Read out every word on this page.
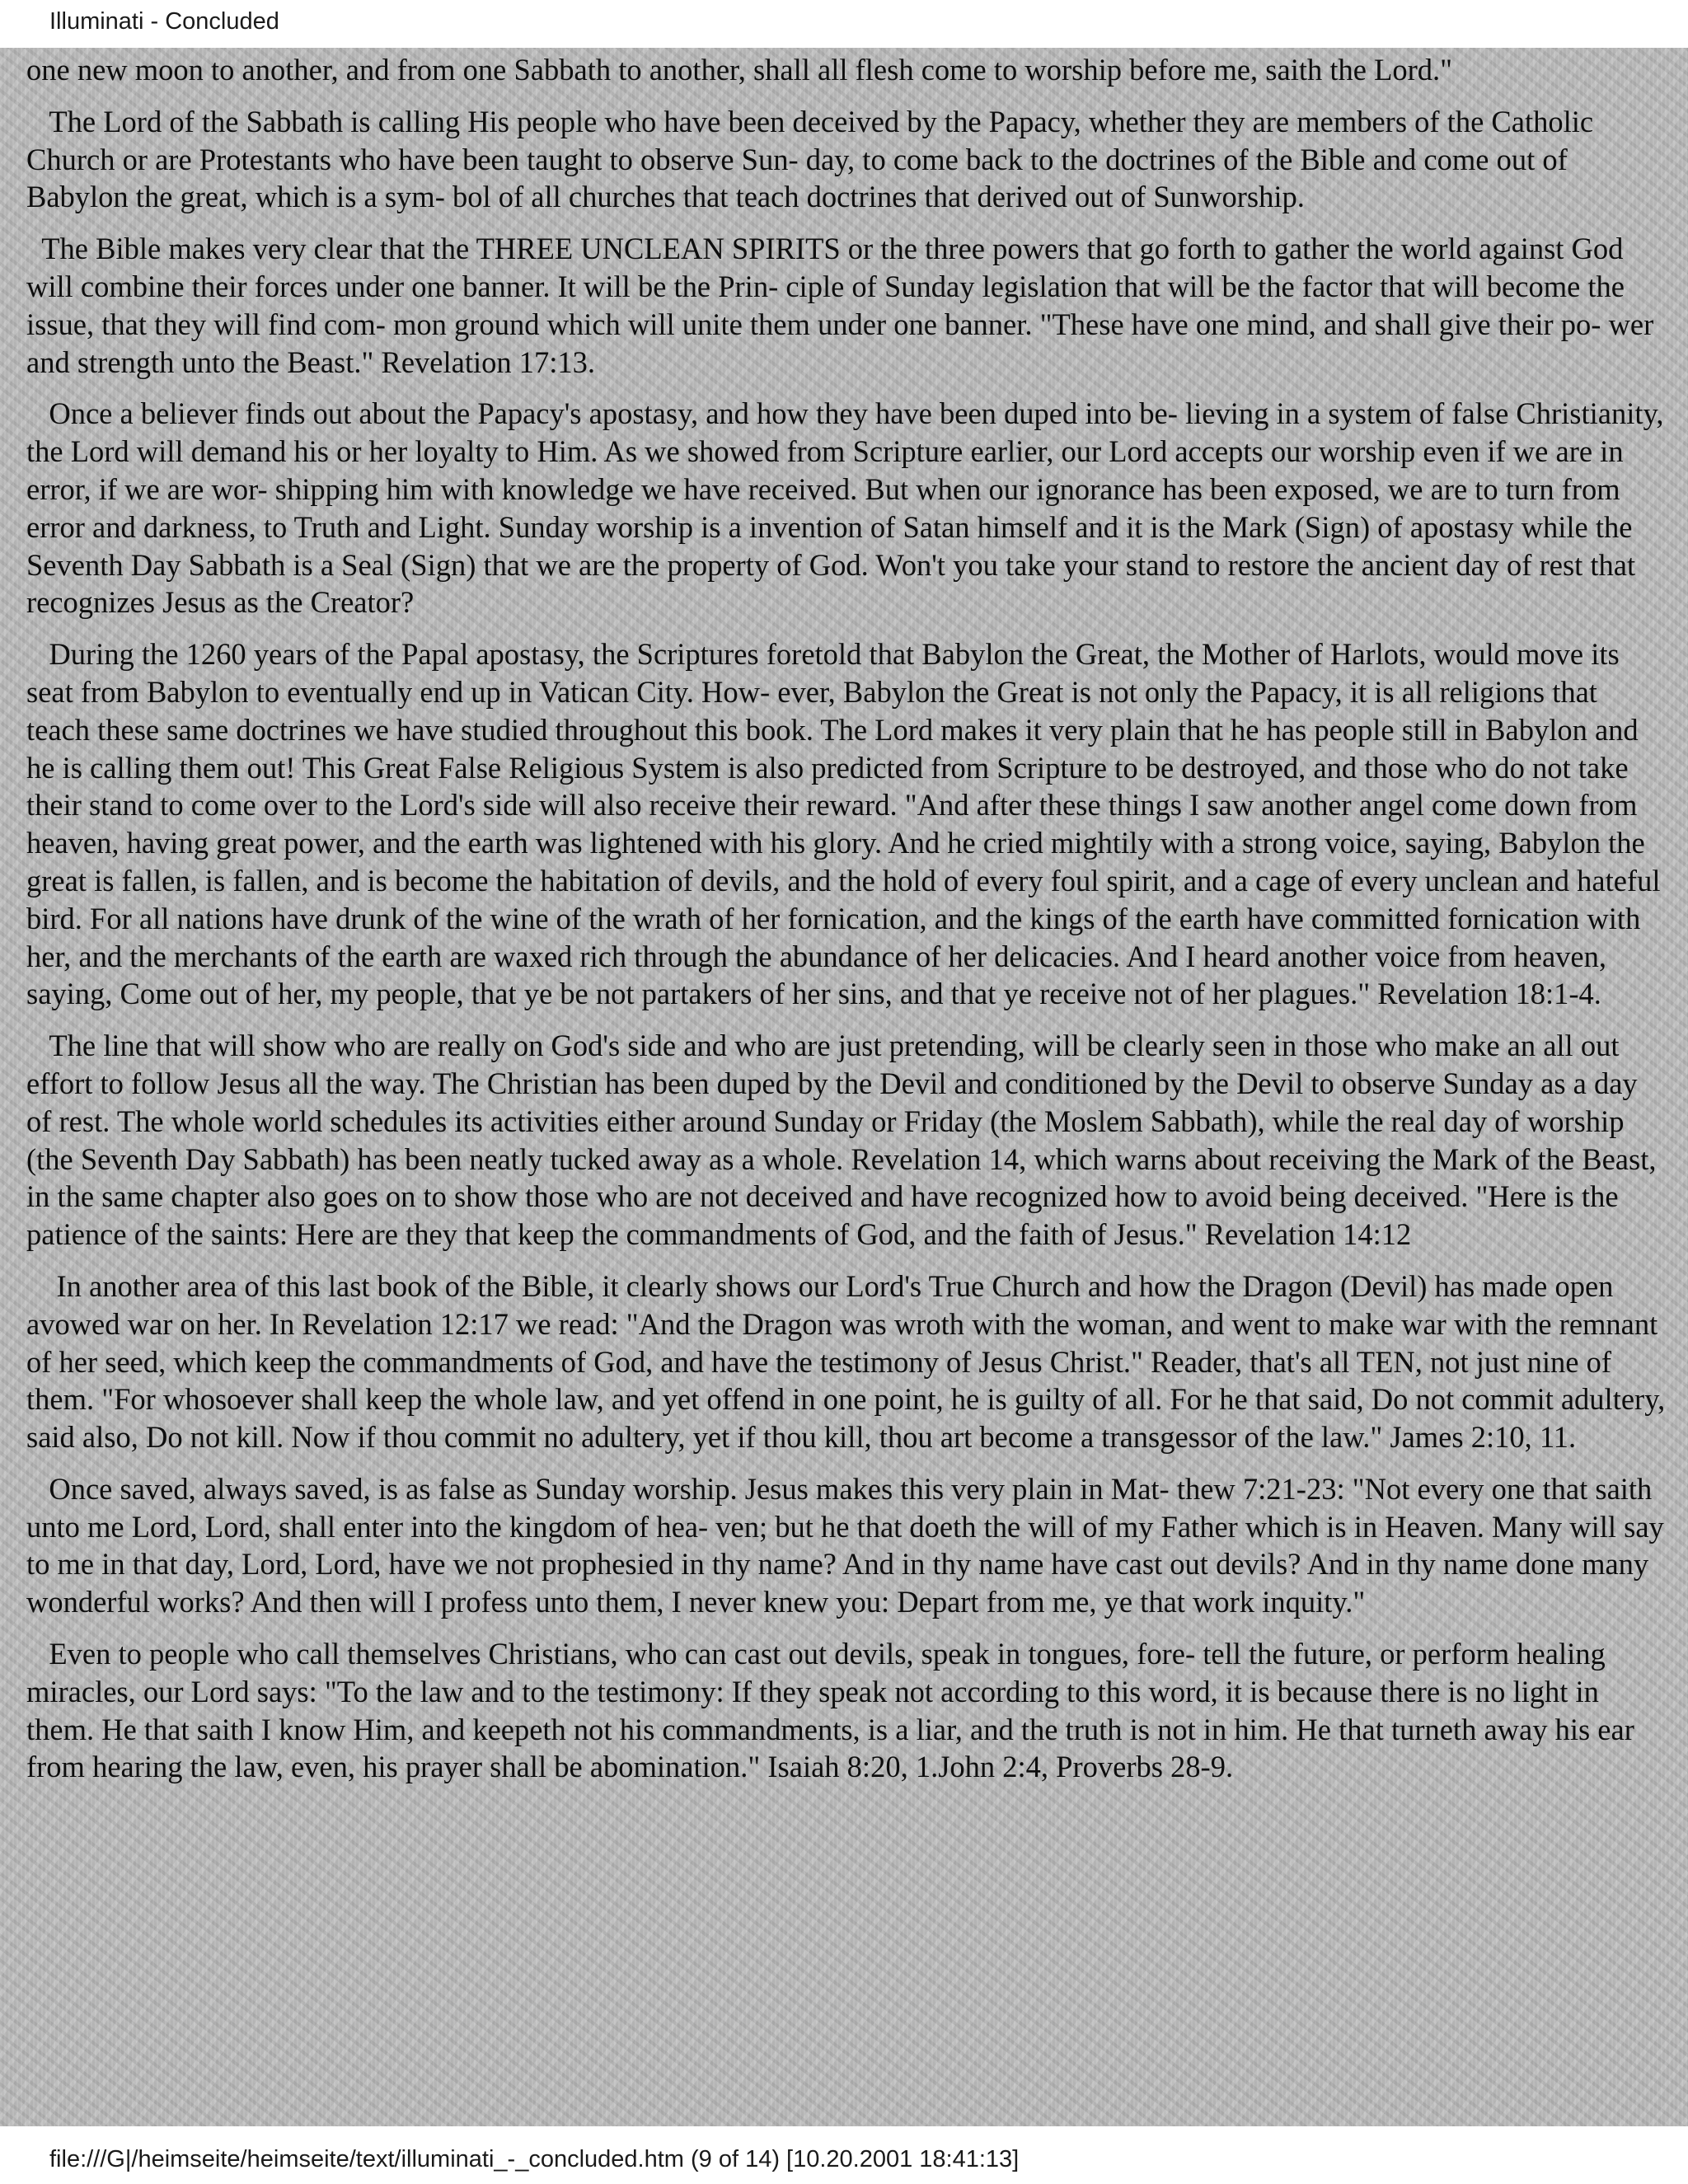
Illuminati - Concluded

one new moon to another, and from one Sabbath to another, shall all flesh come to worship before me, saith the Lord."

The Lord of the Sabbath is calling His people who have been deceived by the Papacy, whether they are members of the Catholic Church or are Protestants who have been taught to observe Sun- day, to come back to the doctrines of the Bible and come out of Babylon the great, which is a sym- bol of all churches that teach doctrines that derived out of Sunworship.

The Bible makes very clear that the THREE UNCLEAN SPIRITS or the three powers that go forth to gather the world against God will combine their forces under one banner. It will be the Prin- ciple of Sunday legislation that will be the factor that will become the issue, that they will find com- mon ground which will unite them under one banner. "These have one mind, and shall give their po- wer and strength unto the Beast." Revelation 17:13.

Once a believer finds out about the Papacy's apostasy, and how they have been duped into be- lieving in a system of false Christianity, the Lord will demand his or her loyalty to Him. As we showed from Scripture earlier, our Lord accepts our worship even if we are in error, if we are wor- shipping him with knowledge we have received. But when our ignorance has been exposed, we are to turn from error and darkness, to Truth and Light. Sunday worship is a invention of Satan himself and it is the Mark (Sign) of apostasy while the Seventh Day Sabbath is a Seal (Sign) that we are the property of God. Won't you take your stand to restore the ancient day of rest that recognizes Jesus as the Creator?

During the 1260 years of the Papal apostasy, the Scriptures foretold that Babylon the Great, the Mother of Harlots, would move its seat from Babylon to eventually end up in Vatican City. How- ever, Babylon the Great is not only the Papacy, it is all religions that teach these same doctrines we have studied throughout this book. The Lord makes it very plain that he has people still in Babylon and he is calling them out! This Great False Religious System is also predicted from Scripture to be destroyed, and those who do not take their stand to come over to the Lord's side will also receive their reward. "And after these things I saw another angel come down from heaven, having great power, and the earth was lightened with his glory. And he cried mightily with a strong voice, saying, Babylon the great is fallen, is fallen, and is become the habitation of devils, and the hold of every foul spirit, and a cage of every unclean and hateful bird. For all nations have drunk of the wine of the wrath of her fornication, and the kings of the earth have committed fornication with her, and the merchants of the earth are waxed rich through the abundance of her delicacies. And I heard another voice from heaven, saying, Come out of her, my people, that ye be not partakers of her sins, and that ye receive not of her plagues." Revelation 18:1-4.

The line that will show who are really on God's side and who are just pretending, will be clearly seen in those who make an all out effort to follow Jesus all the way. The Christian has been duped by the Devil and conditioned by the Devil to observe Sunday as a day of rest. The whole world schedules its activities either around Sunday or Friday (the Moslem Sabbath), while the real day of worship (the Seventh Day Sabbath) has been neatly tucked away as a whole. Revelation 14, which warns about receiving the Mark of the Beast, in the same chapter also goes on to show those who are not deceived and have recognized how to avoid being deceived. "Here is the patience of the saints: Here are they that keep the commandments of God, and the faith of Jesus." Revelation 14:12

In another area of this last book of the Bible, it clearly shows our Lord's True Church and how the Dragon (Devil) has made open avowed war on her. In Revelation 12:17 we read: "And the Dragon was wroth with the woman, and went to make war with the remnant of her seed, which keep the commandments of God, and have the testimony of Jesus Christ." Reader, that's all TEN, not just nine of them. "For whosoever shall keep the whole law, and yet offend in one point, he is guilty of all. For he that said, Do not commit adultery, said also, Do not kill. Now if thou commit no adultery, yet if thou kill, thou art become a transgessor of the law." James 2:10, 11.

Once saved, always saved, is as false as Sunday worship. Jesus makes this very plain in Mat- thew 7:21-23: "Not every one that saith unto me Lord, Lord, shall enter into the kingdom of hea- ven; but he that doeth the will of my Father which is in Heaven. Many will say to me in that day, Lord, Lord, have we not prophesied in thy name? And in thy name have cast out devils? And in thy name done many wonderful works? And then will I profess unto them, I never knew you: Depart from me, ye that work inquity."

Even to people who call themselves Christians, who can cast out devils, speak in tongues, fore- tell the future, or perform healing miracles, our Lord says: "To the law and to the testimony: If they speak not according to this word, it is because there is no light in them. He that saith I know Him, and keepeth not his commandments, is a liar, and the truth is not in him. He that turneth away his ear from hearing the law, even, his prayer shall be abomination." Isaiah 8:20, 1.John 2:4, Proverbs 28-9.

file:///G|/heimseite/heimseite/text/illuminati_-_concluded.htm (9 of 14) [10.20.2001 18:41:13]
